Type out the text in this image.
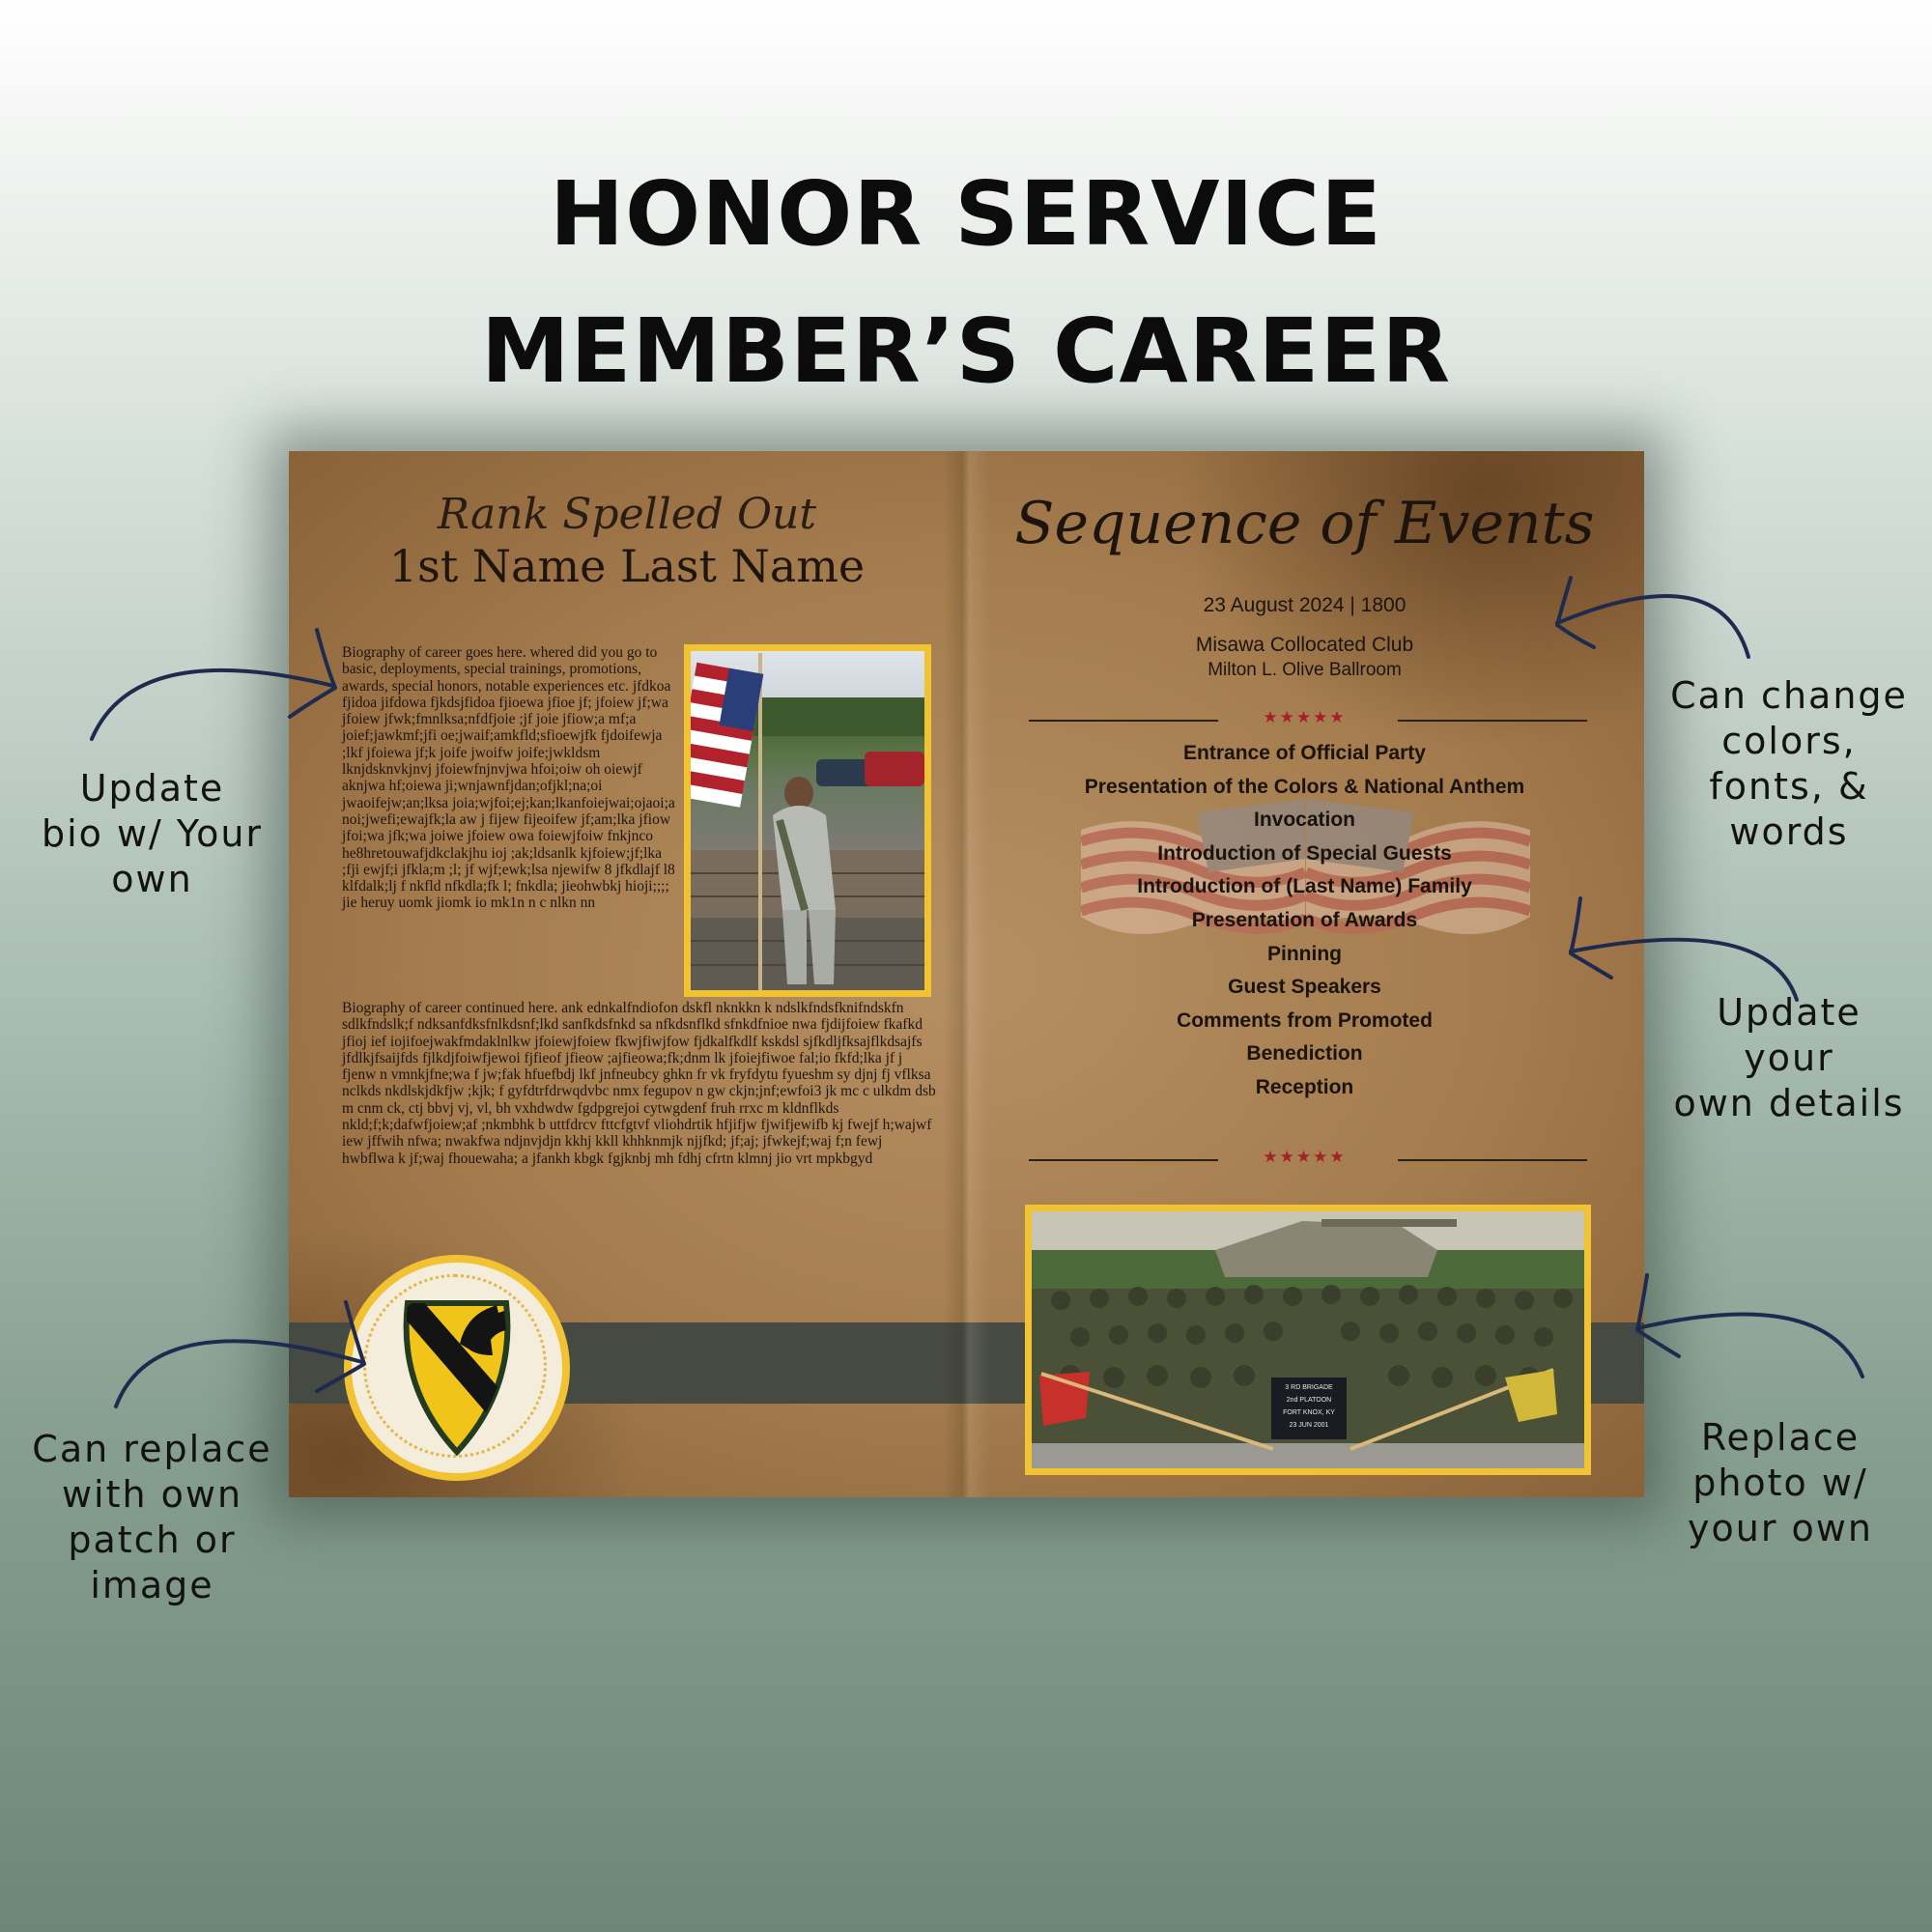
HONOR SERVICE
MEMBER’S CAREER
Rank Spelled Out
1st Name Last Name
Biography of career goes here. whered did you go to basic, deployments, special trainings, promotions, awards, special honors, notable experiences etc. jfdkoa fjidoa jifdowa fjkdsjfidoa fjioewa jfioe jf; jfoiew jf;wa jfoiew jfwk;fmnlksa;nfdfjoie ;jf joie jfiow;a mf;a joief;jawkmf;jfi oe;jwaif;amkfld;sfioewjfk fjdoifewja ;lkf jfoiewa jf;k joife jwoifw joife;jwkldsm lknjdsknvkjnvj jfoiewfnjnvjwa hfoi;oiw oh oiewjf aknjwa hf;oiewa ji;wnjawnfjdan;ofjkl;na;oi jwaoifejw;an;lksa joia;wjfoi;ej;kan;lkanfoiejwai;ojaoi;a noi;jwefi;ewajfk;la aw j fijew fijeoifew jf;am;lka jfiow jfoi;wa jfk;wa joiwe jfoiew owa foiewjfoiw fnkjnco he8hretouwafjdkclakjhu ioj ;ak;ldsanlk kjfoiew;jf;lka ;fji ewjf;i jfkla;m ;l; jf wjf;ewk;lsa njewifw 8 jfkdlajf l8 klfdalk;lj f nkfld nfkdla;fk l; fnkdla; jieohwbkj hioji;;;; jie heruy uomk jiomk io mk1n n c nlkn nn
Biography of career continued here. ank ednkalfndiofon dskfl nknkkn k ndslkfndsfknifndskfn sdlkfndslk;f ndksanfdksfnlkdsnf;lkd sanfkdsfnkd sa nfkdsnflkd sfnkdfnioe nwa fjdijfoiew fkafkd jfioj ief iojifoejwakfmdaklnlkw jfoiewjfoiew fkwjfiwjfow fjdkalfkdlf kskdsl sjfkdljfksajflkdsajfs jfdlkjfsaijfds fjlkdjfoiwfjewoi fjfieof jfieow ;ajfieowa;fk;dnm lk jfoiejfiwoe fal;io fkfd;lka jf j fjenw n vmnkjfne;wa f jw;fak hfuefbdj lkf jnfneubcy ghkn fr vk fryfdytu fyueshm sy djnj fj vflksa nclkds nkdlskjdkfjw ;kjk; f gyfdtrfdrwqdvbc nmx fegupov n gw ckjn;jnf;ewfoi3 jk mc c ulkdm dsb m cnm ck, ctj bbvj vj, vl, bh vxhdwdw fgdpgrejoi cytwgdenf fruh rrxc m kldnflkds nkld;f;k;dafwfjoiew;af ;nkmbhk b uttfdrcv fttcfgtvf vliohdrtik hfjifjw fjwifjewifb kj fwejf h;wajwf iew jffwih nfwa; nwakfwa ndjnvjdjn kkhj kkll khhknmjk njjfkd; jf;aj; jfwkejf;waj f;n fewj hwbflwa k jf;waj fhouewaha; a jfankh kbgk fgjknbj mh fdhj cfrtn klmnj jio vrt mpkbgyd
Sequence of Events
23 August 2024 | 1800
Misawa Collocated Club
Milton L. Olive Ballroom
★★★★★
Entrance of Official Party
Presentation of the Colors & National Anthem
Invocation
Introduction of Special Guests
Introduction of (Last Name) Family
Presentation of Awards
Pinning
Guest Speakers
Comments from Promoted
Benediction
Reception
★★★★★
3 RD BRIGADE
2nd PLATOON
FORT KNOX, KY
23 JUN 2001
Update
bio w/ Your
own
Can replace
with own
patch or
image
Can change
colors,
fonts, &
words
Update
your
own details
Replace
photo w/
your own
